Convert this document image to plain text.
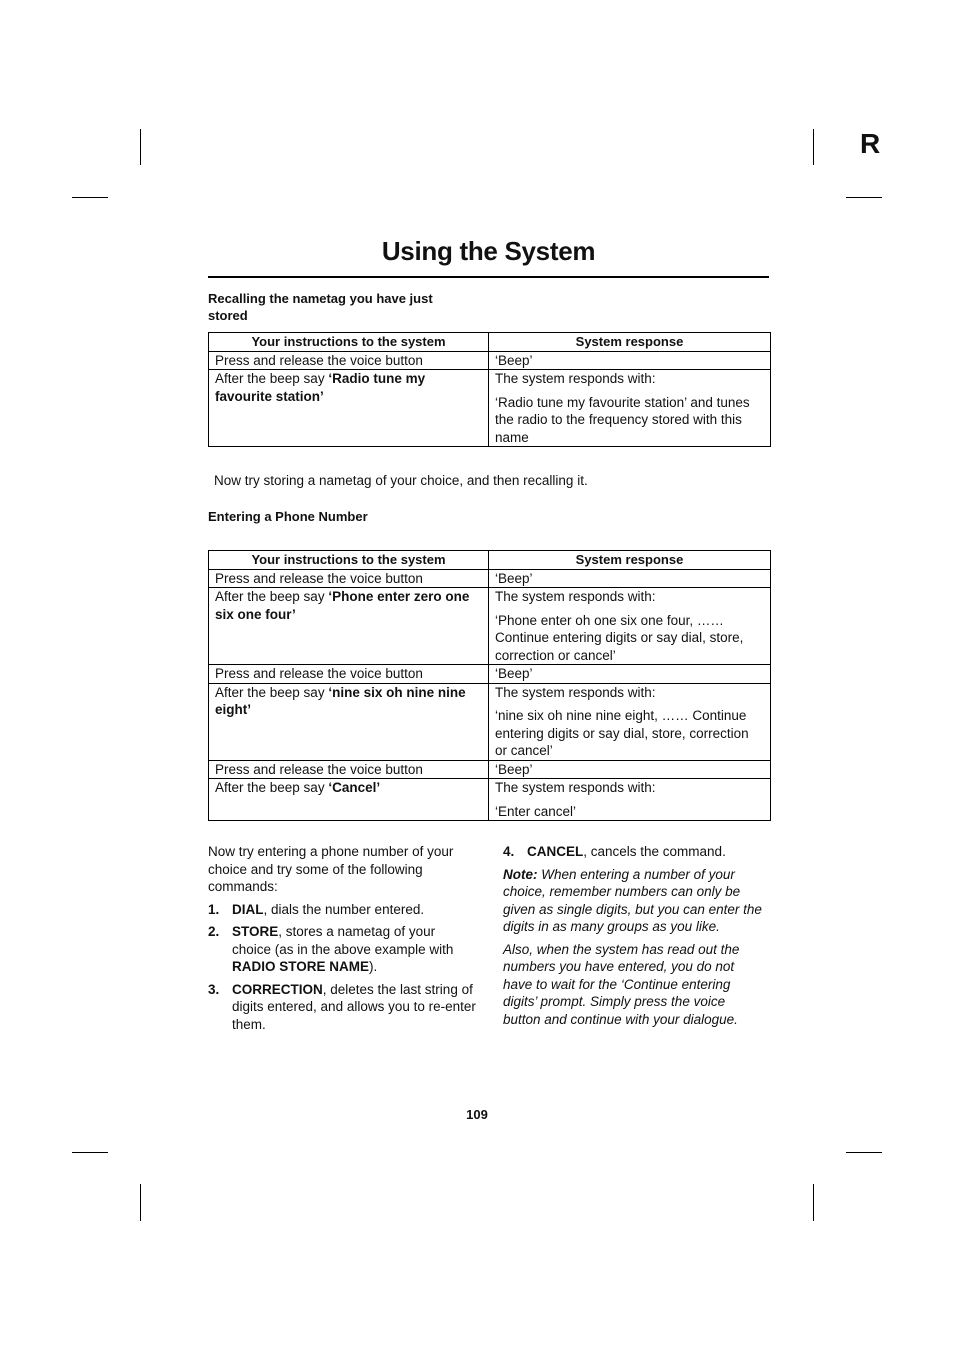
R
Using the System
Recalling the nametag you have just stored
Your instructions to the system	System response
Press and release the voice button	‘Beep’

After the beep say ‘Radio tune my favourite station’	The system responds with:

‘Radio tune my favourite station’ and tunes the radio to the frequency stored with this name

Now try storing a nametag of your choice, and then recalling it.
Entering a Phone Number
Your instructions to the system	System response
Press and release the voice button	‘Beep’

After the beep say ‘Phone enter zero one six one four’	The system responds with:

‘Phone enter oh one six one four, …… Continue entering digits or say dial, store, correction or cancel’

Press and release the voice button	‘Beep’

After the beep say ‘nine six oh nine nine eight’	The system responds with:

‘nine six oh nine nine eight, …… Continue entering digits or say dial, store, correction or cancel’

Press and release the voice button	‘Beep’

After the beep say ‘Cancel’	The system responds with:

‘Enter cancel’

Now try entering a phone number of your choice and try some of the following commands:
1. DIAL, dials the number entered.
2. STORE, stores a nametag of your choice (as in the above example with RADIO STORE NAME).
3. CORRECTION, deletes the last string of digits entered, and allows you to re-enter them.
4. CANCEL, cancels the command.
Note: When entering a number of your choice, remember numbers can only be given as single digits, but you can enter the digits in as many groups as you like.
Also, when the system has read out the numbers you have entered, you do not have to wait for the ‘Continue entering digits’ prompt. Simply press the voice button and continue with your dialogue.
109
